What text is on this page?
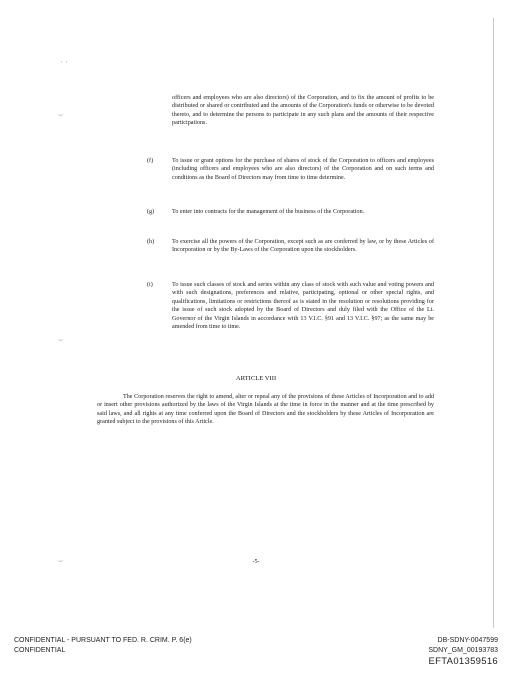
· ·
⌣
⌣
⌣
officers and employees who are also directors) of the Corporation, and to fix the amount of profits to be distributed or shared or contributed and the amounts of the Corporation's funds or otherwise to be devoted thereto, and to determine the persons to participate in any such plans and the amounts of their respective participations.
(f)	To issue or grant options for the purchase of shares of stock of the Corporation to officers and employees (including officers and employees who are also directors) of the Corporation and on such terms and conditions as the Board of Directors may from time to time determine.
(g)	To enter into contracts for the management of the business of the Corporation.
(h)	To exercise all the powers of the Corporation, except such as are conferred by law, or by these Articles of Incorporation or by the By-Laws of the Corporation upon the stockholders.
(i)	To issue such classes of stock and series within any class of stock with such value and voting powers and with such designations, preferences and relative, participating, optional or other special rights, and qualifications, limitations or restrictions thereof as is stated in the resolution or resolutions providing for the issue of such stock adopted by the Board of Directors and duly filed with the Office of the Lt. Governor of the Virgin Islands in accordance with 13 V.I.C. §91 and 13 V.I.C. §97; as the same may be amended from time to time.
ARTICLE VIII
The Corporation reserves the right to amend, alter or repeal any of the provisions of these Articles of Incorporation and to add or insert other provisions authorized by the laws of the Virgin Islands at the time in force in the manner and at the time prescribed by said laws, and all rights at any time conferred upon the Board of Directors and the stockholders by these Articles of Incorporation are granted subject to the provisions of this Article.
-5-
CONFIDENTIAL - PURSUANT TO FED. R. CRIM. P. 6(e)
CONFIDENTIAL
DB-SDNY-0047599
SDNY_GM_00193783
EFTA01359516
